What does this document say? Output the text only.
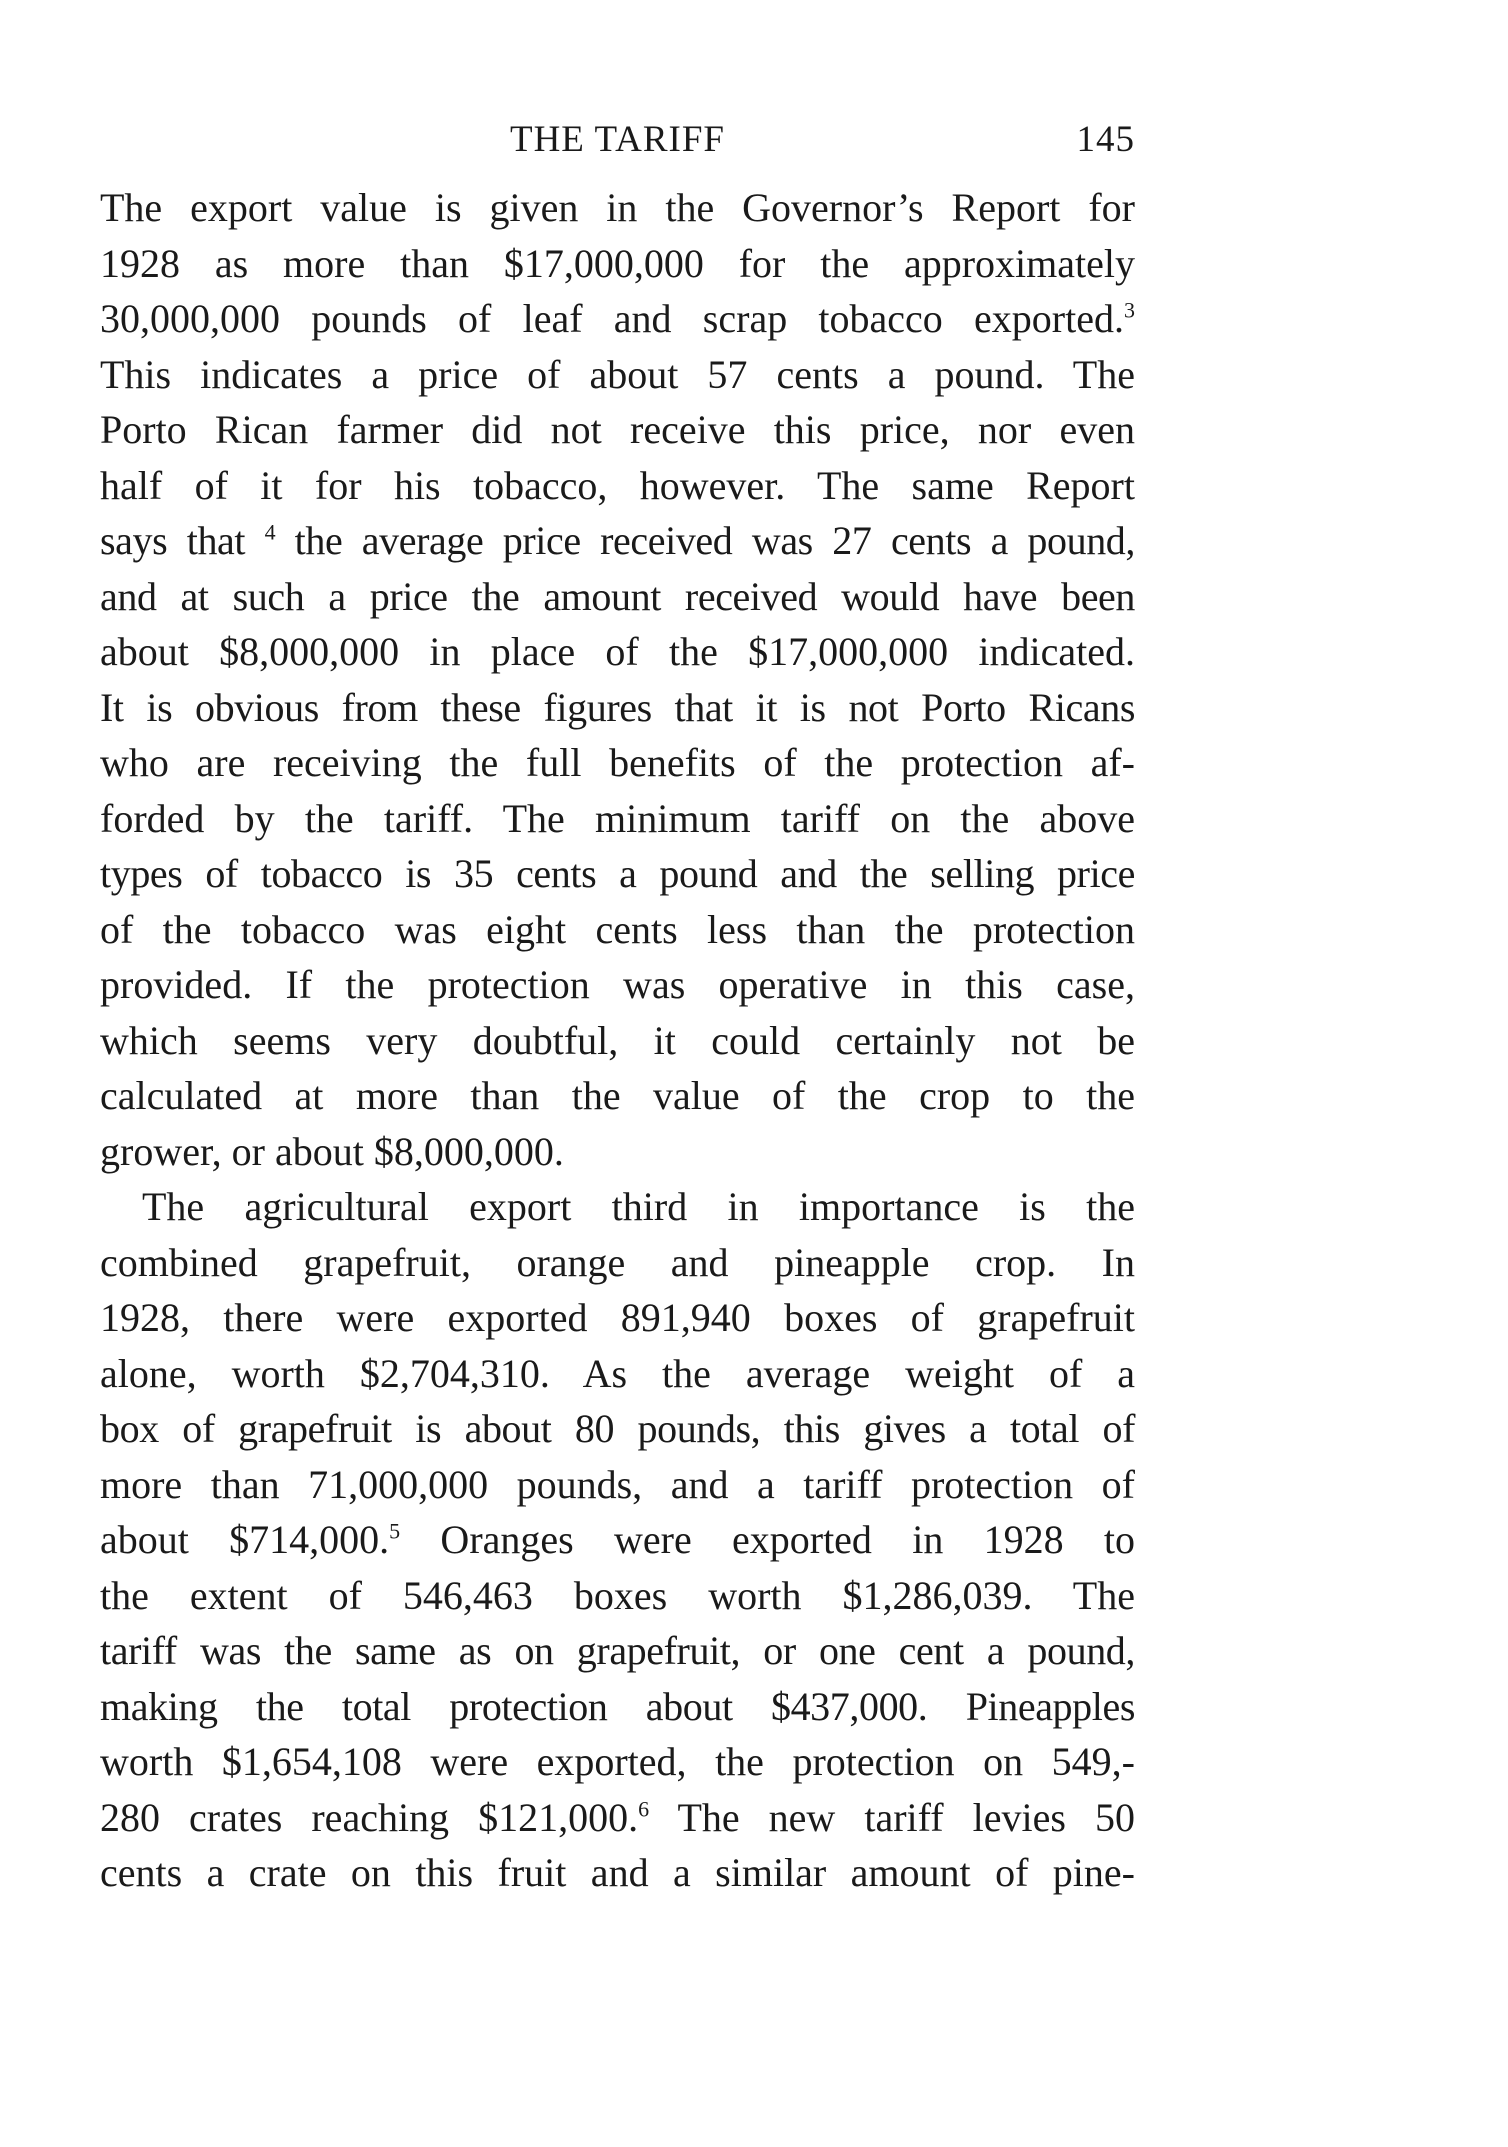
THE TARIFF	145
The export value is given in the Governor’s Report for
1928 as more than $17,000,000 for the approximately
30,000,000 pounds of leaf and scrap tobacco exported.$^3$
This indicates a price of about 57 cents a pound. The
Porto Rican farmer did not receive this price, nor even
half of it for his tobacco, however. The same Report
says that $^4$ the average price received was 27 cents a pound,
and at such a price the amount received would have been
about $8,000,000 in place of the $17,000,000 indicated.
It is obvious from these figures that it is not Porto Ricans
who are receiving the full benefits of the protection af-
forded by the tariff. The minimum tariff on the above
types of tobacco is 35 cents a pound and the selling price
of the tobacco was eight cents less than the protection
provided. If the protection was operative in this case,
which seems very doubtful, it could certainly not be
calculated at more than the value of the crop to the
grower, or about $8,000,000.
The agricultural export third in importance is the
combined grapefruit, orange and pineapple crop. In
1928, there were exported 891,940 boxes of grapefruit
alone, worth $2,704,310. As the average weight of a
box of grapefruit is about 80 pounds, this gives a total of
more than 71,000,000 pounds, and a tariff protection of
about $714,000.$^5$ Oranges were exported in 1928 to
the extent of 546,463 boxes worth $1,286,039. The
tariff was the same as on grapefruit, or one cent a pound,
making the total protection about $437,000. Pineapples
worth $1,654,108 were exported, the protection on 549,-
280 crates reaching $121,000.$^6$ The new tariff levies 50
cents a crate on this fruit and a similar amount of pine-
